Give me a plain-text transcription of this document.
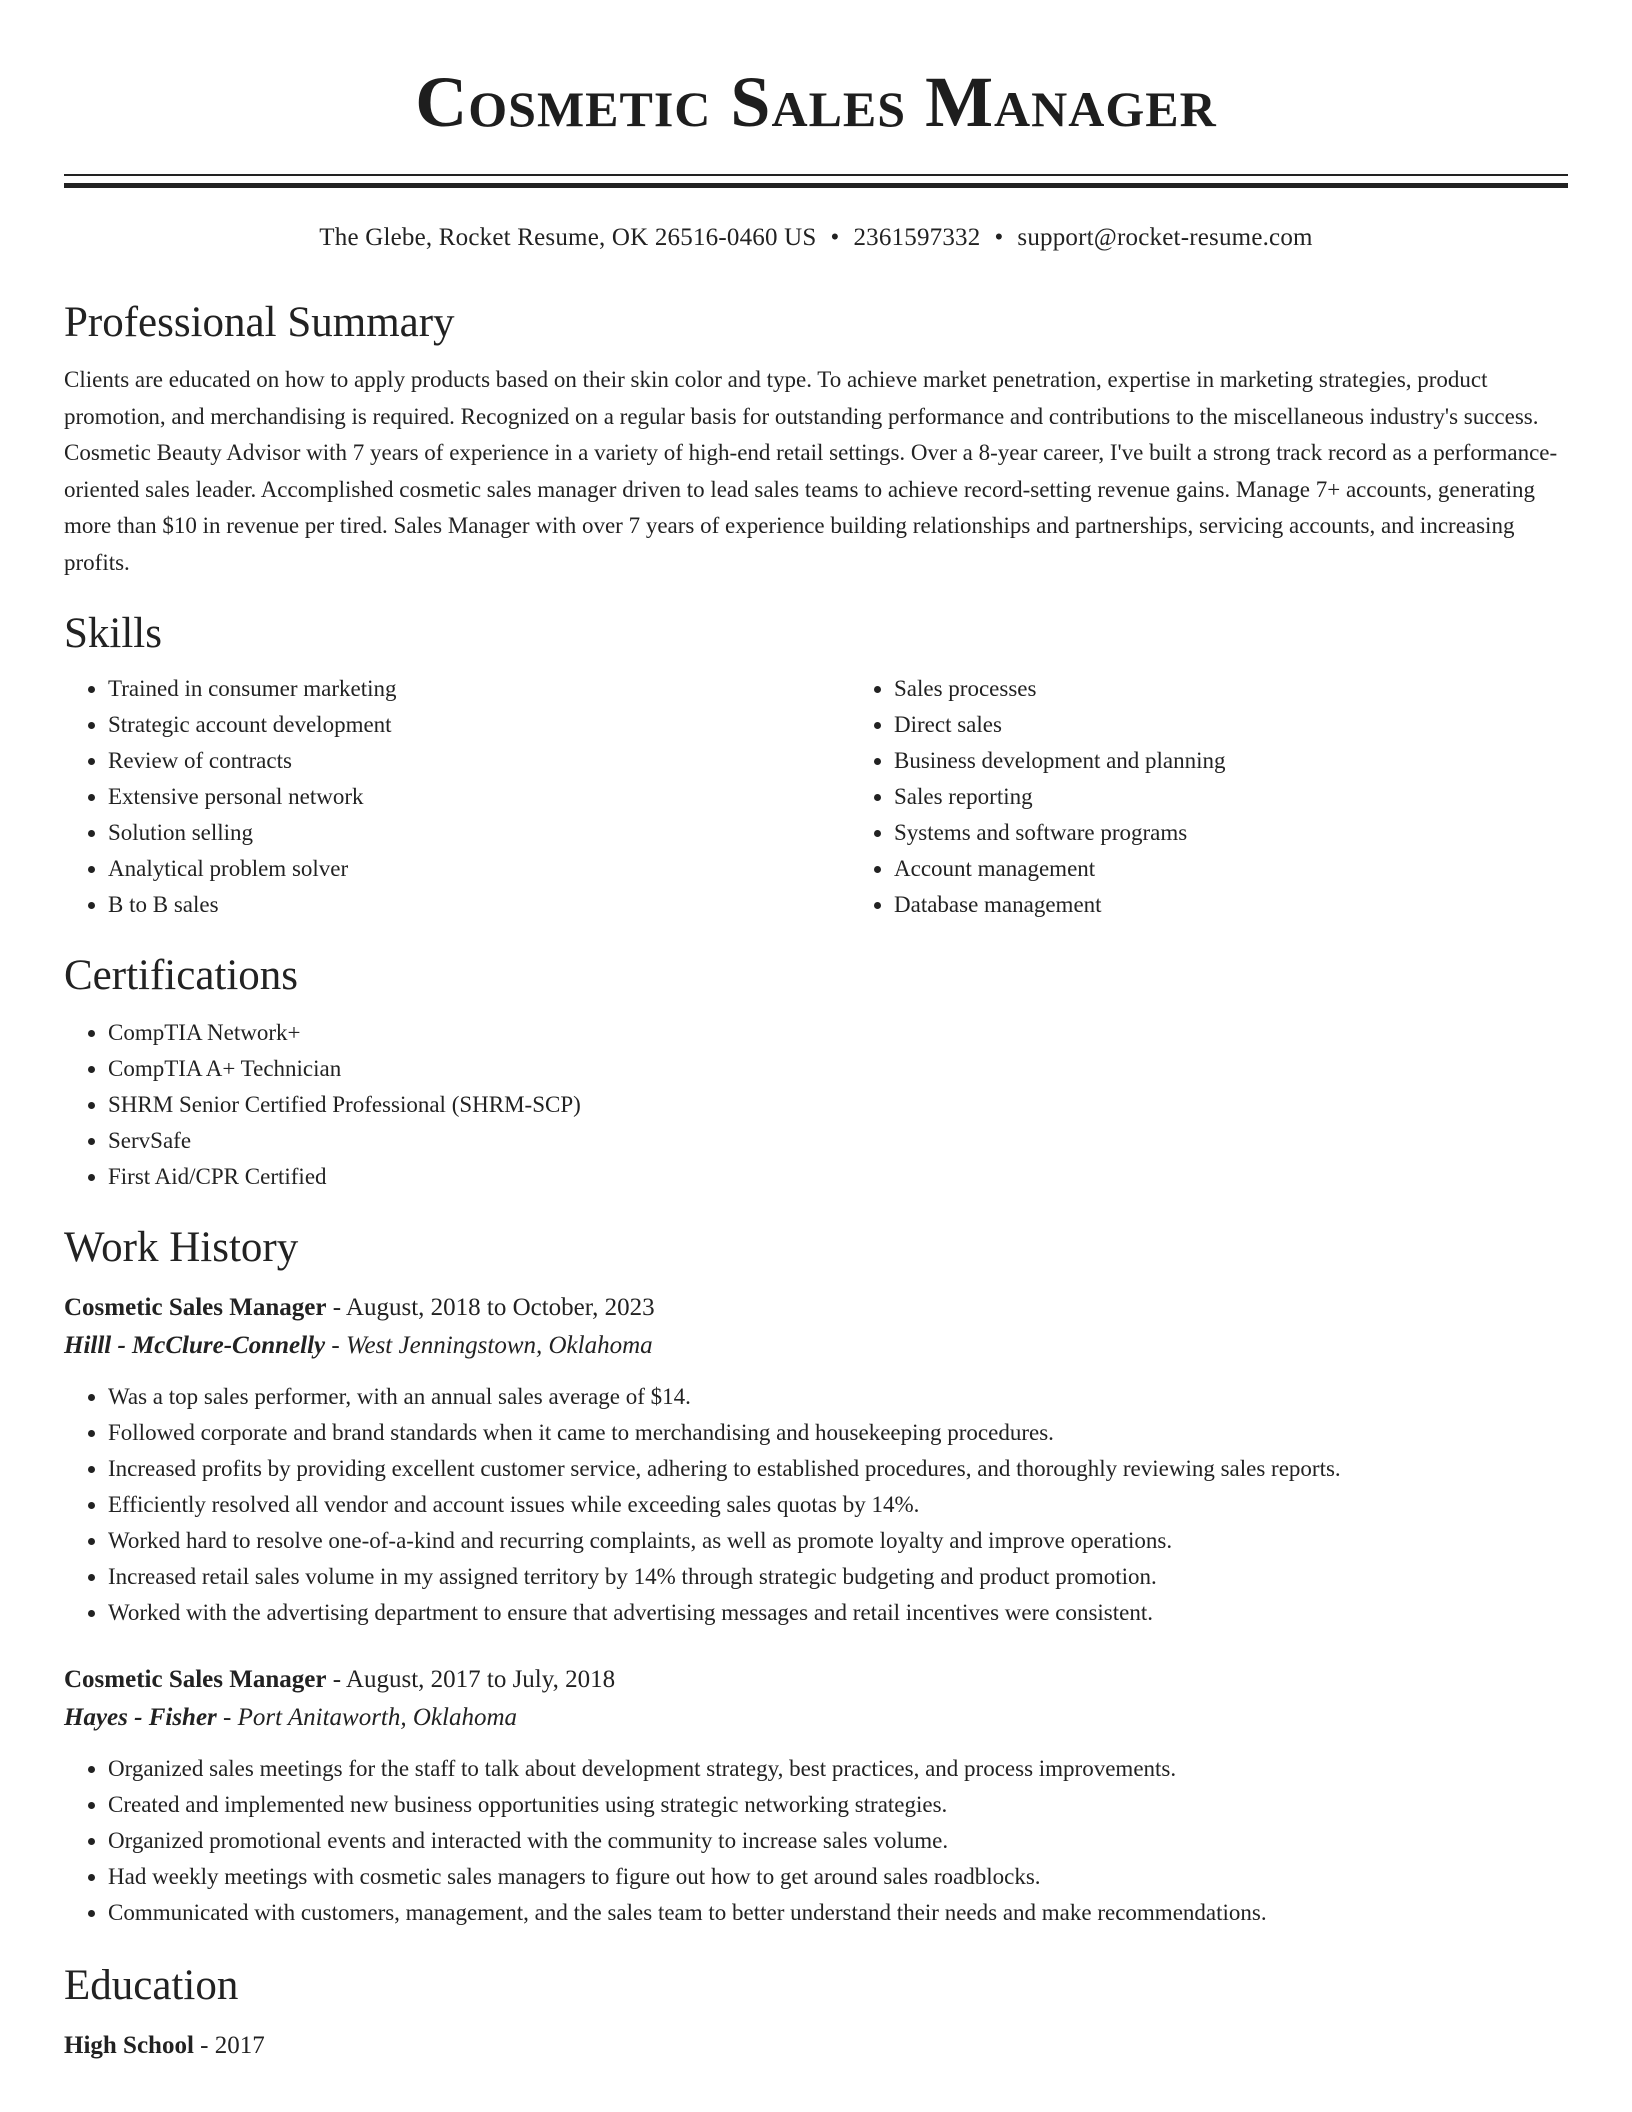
Cosmetic Sales Manager
The Glebe, Rocket Resume, OK 26516-0460 US • 2361597332 • support@rocket-resume.com
Professional Summary

Clients are educated on how to apply products based on their skin color and type. To achieve market penetration, expertise in marketing strategies, product promotion, and merchandising is required. Recognized on a regular basis for outstanding performance and contributions to the miscellaneous industry's success. Cosmetic Beauty Advisor with 7 years of experience in a variety of high-end retail settings. Over a 8-year career, I've built a strong track record as a performance-oriented sales leader. Accomplished cosmetic sales manager driven to lead sales teams to achieve record-setting revenue gains. Manage 7+ accounts, generating more than $10 in revenue per tired. Sales Manager with over 7 years of experience building relationships and partnerships, servicing accounts, and increasing profits.

Skills
• Trained in consumer marketing
• Strategic account development
• Review of contracts
• Extensive personal network
• Solution selling
• Analytical problem solver
• B to B sales
• Sales processes
• Direct sales
• Business development and planning
• Sales reporting
• Systems and software programs
• Account management
• Database management
Certifications
• CompTIA Network+
• CompTIA A+ Technician
• SHRM Senior Certified Professional (SHRM-SCP)
• ServSafe
• First Aid/CPR Certified
Work History
Cosmetic Sales Manager - August, 2018 to October, 2023
Hilll - McClure-Connelly - West Jenningstown, Oklahoma
• Was a top sales performer, with an annual sales average of $14.
• Followed corporate and brand standards when it came to merchandising and housekeeping procedures.
• Increased profits by providing excellent customer service, adhering to established procedures, and thoroughly reviewing sales reports.
• Efficiently resolved all vendor and account issues while exceeding sales quotas by 14%.
• Worked hard to resolve one-of-a-kind and recurring complaints, as well as promote loyalty and improve operations.
• Increased retail sales volume in my assigned territory by 14% through strategic budgeting and product promotion.
• Worked with the advertising department to ensure that advertising messages and retail incentives were consistent.
Cosmetic Sales Manager - August, 2017 to July, 2018
Hayes - Fisher - Port Anitaworth, Oklahoma
• Organized sales meetings for the staff to talk about development strategy, best practices, and process improvements.
• Created and implemented new business opportunities using strategic networking strategies.
• Organized promotional events and interacted with the community to increase sales volume.
• Had weekly meetings with cosmetic sales managers to figure out how to get around sales roadblocks.
• Communicated with customers, management, and the sales team to better understand their needs and make recommendations.
Education
High School - 2017
